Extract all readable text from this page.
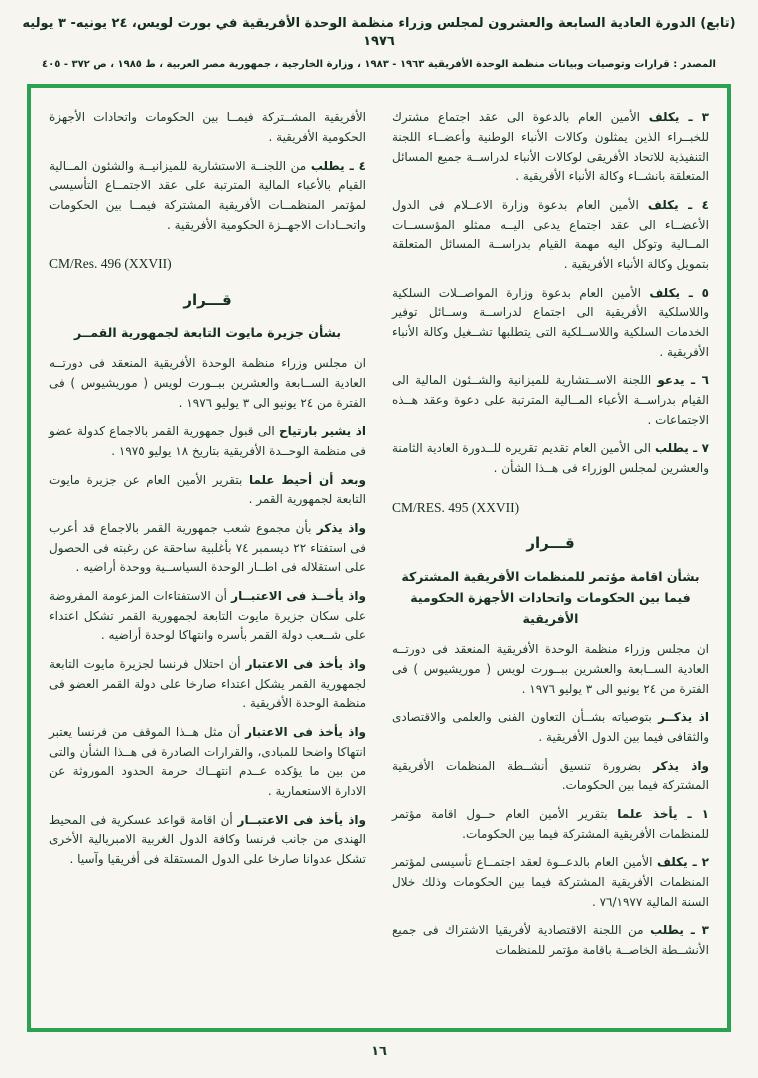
(تابع) الدورة العادية السابعة والعشرون لمجلس وزراء منظمة الوحدة الأفريقية في بورت لويس، ٢٤ يونيه- ٣ يوليه ١٩٧٦
المصدر : قرارات وتوصيات وبيانات منظمة الوحدة الأفريقية ١٩٦٣ - ١٩٨٣ ، وزارة الخارجية ، جمهورية مصر العربية ، ط ١٩٨٥ ، ص ٣٧٢ - ٤٠٥
٣ ـ يكلف الأمين العام بالدعوة الى عقد اجتماع مشترك للخبــراء الذين يمثلون وكالات الأنباء الوطنية وأعضــاء اللجنة التنفيذية للاتحاد الأفريقى لوكالات الأنباء لدراســة جميع المسائل المتعلقة بانشــاء وكالة الأنباء الأفريقية .
٤ ـ يكلف الأمين العام بدعوة وزارة الاعــلام فى الدول الأعضــاء الى عقد اجتماع يدعى اليــه ممثلو المؤسســات المــالية وتوكل اليه مهمة القيام بدراســة المسائل المتعلقة بتمويل وكالة الأنباء الأفريقية .
٥ ـ يكلف الأمين العام بدعوة وزارة المواصــلات السلكية واللاسلكية الأفريقية الى اجتماع لدراســة وســائل توفير الخدمات السلكية واللاســلكية التى يتطلبها تشــغيل وكالة الأنباء الأفريقية .
٦ ـ يدعو اللجنة الاســتشارية للميزانية والشــئون المالية الى القيام بدراســة الأعباء المــالية المترتبة على دعوة وعقد هــذه الاجتماعات .
٧ ـ يطلب الى الأمين العام تقديم تقريره للــدورة العادية الثامنة والعشرين لمجلس الوزراء فى هــذا الشأن .
CM/RES. 495 (XXVII)
قـــرار
بشأن اقامة مؤتمر للمنظمات الأفريقية المشتركة فيما بين الحكومات واتحادات الأجهزة الحكومية الأفريقية
ان مجلس وزراء منظمة الوحدة الأفريقية المنعقد فى دورتــه العادية الســابعة والعشرين ببــورت لويس ( موريشيوس ) فى الفترة من ٢٤ يونيو الى ٣ يوليو ١٩٧٦ .
اذ يذكــر بتوصياته بشــأن التعاون الفنى والعلمى والاقتصادى والثقافى فيما بين الدول الأفريقية .
واذ يذكر بضرورة تنسيق أنشــطة المنظمات الأفريقية المشتركة فيما بين الحكومات.
١ ـ يأخذ علما بتقرير الأمين العام حــول اقامة مؤتمر للمنظمات الأفريقية المشتركة فيما بين الحكومات.
٢ ـ يكلف الأمين العام بالدعــوة لعقد اجتمــاع تأسيسى لمؤتمر المنظمات الأفريقية المشتركة فيما بين الحكومات وذلك خلال السنة المالية ٧٦/١٩٧٧ .
٣ ـ يطلب من اللجنة الاقتصادية لأفريقيا الاشتراك فى جميع الأنشــطة الخاصــة باقامة مؤتمر للمنظمات
الأفريقية المشــتركة فيمــا بين الحكومات واتحادات الأجهزة الحكومية الأفريقية .
٤ ـ يطلب من اللجنــة الاستشارية للميزانيــة والشئون المــالية القيام بالأعباء المالية المترتبة على عقد الاجتمــاع التأسيسى لمؤتمر المنظمــات الأفريقية المشتركة فيمــا بين الحكومات واتحــادات الاجهــزة الحكومية الأفريقية .
CM/Res. 496 (XXVII)
قـــرار
بشأن جزيرة مايوت التابعة لجمهورية القمــر
ان مجلس وزراء منظمة الوحدة الأفريقية المنعقد فى دورتــه العادية الســابعة والعشرين ببــورت لويس ( موريشيوس ) فى الفترة من ٢٤ يونيو الى ٣ يوليو ١٩٧٦ .
اذ يشير بارتياح الى قبول جمهورية القمر بالاجماع كدولة عضو فى منظمة الوحــدة الأفريقية بتاريخ ١٨ يوليو ١٩٧٥ .
وبعد أن أحيط علما بتقرير الأمين العام عن جزيرة مايوت التابعة لجمهورية القمر .
واذ يذكر بأن مجموع شعب جمهورية القمر بالاجماع قد أعرب فى استفتاء ٢٢ ديسمبر ٧٤ بأغلبية ساحقة عن رغبته فى الحصول على استقلاله فى اطــار الوحدة السياســية ووحدة أراضيه .
واذ يأخــذ فى الاعتبــار أن الاستفتاءات المزعومة المفروضة على سكان جزيرة مايوت التابعة لجمهورية القمر تشكل اعتداء على شــعب دولة القمر بأسره وانتهاكا لوحدة أراضيه .
واذ يأخذ فى الاعتبار أن احتلال فرنسا لجزيرة مايوت التابعة لجمهورية القمر يشكل اعتداء صارخا على دولة القمر العضو فى منظمة الوحدة الأفريقية .
واذ يأخذ فى الاعتبار أن مثل هــذا الموقف من فرنسا يعتبر انتهاكا واضحا للمبادى، والقرارات الصادرة فى هــذا الشأن والتى من بين ما يؤكده عــدم انتهــاك حرمة الحدود الموروثة عن الادارة الاستعمارية .
واذ يأخذ فى الاعتبــار أن اقامة قواعد عسكرية فى المحيط الهندى من جانب فرنسا وكافة الدول الغربية الامبريالية الأخرى تشكل عدوانا صارخا على الدول المستقلة فى أفريقيا وآسيا .
١٦
